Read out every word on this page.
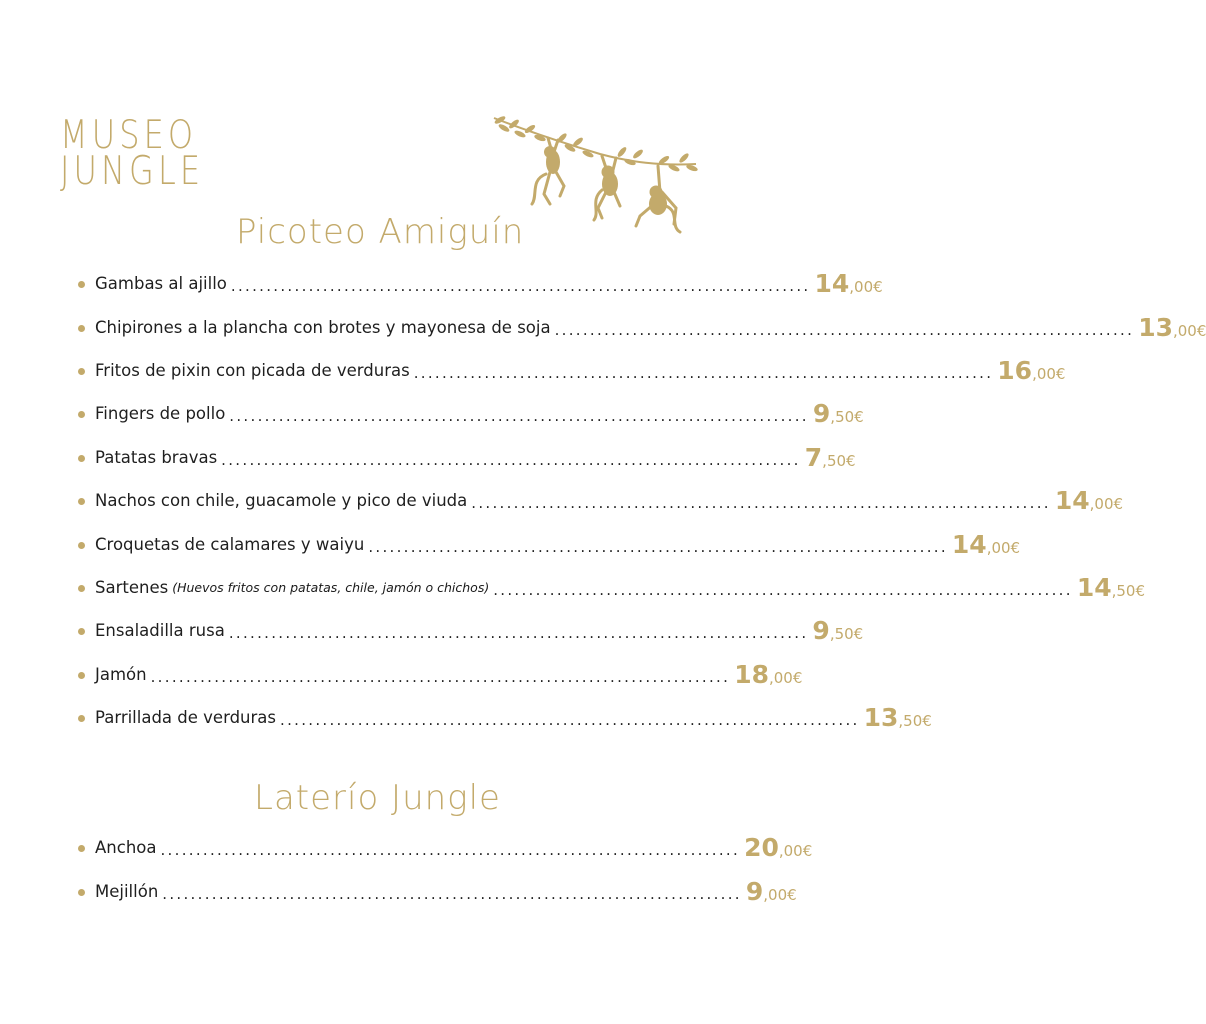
MUSEO
JUNGLE
Picoteo Amiguín
Gambas al ajillo .................................................................................. 14,00€
Chipirones a la plancha con brotes y mayonesa de soja .................................................................................. 13,00€
Fritos de pixin con picada de verduras .................................................................................. 16,00€
Fingers de pollo .................................................................................. 9,50€
Patatas bravas .................................................................................. 7,50€
Nachos con chile, guacamole y pico de viuda .................................................................................. 14,00€
Croquetas de calamares y waiyu .................................................................................. 14,00€
Sartenes (Huevos fritos con patatas, chile, jamón o chichos) .................................................................................. 14,50€
Ensaladilla rusa .................................................................................. 9,50€
Jamón .................................................................................. 18,00€
Parrillada de verduras .................................................................................. 13,50€
Laterío Jungle
Anchoa .................................................................................. 20,00€
Mejillón .................................................................................. 9,00€
